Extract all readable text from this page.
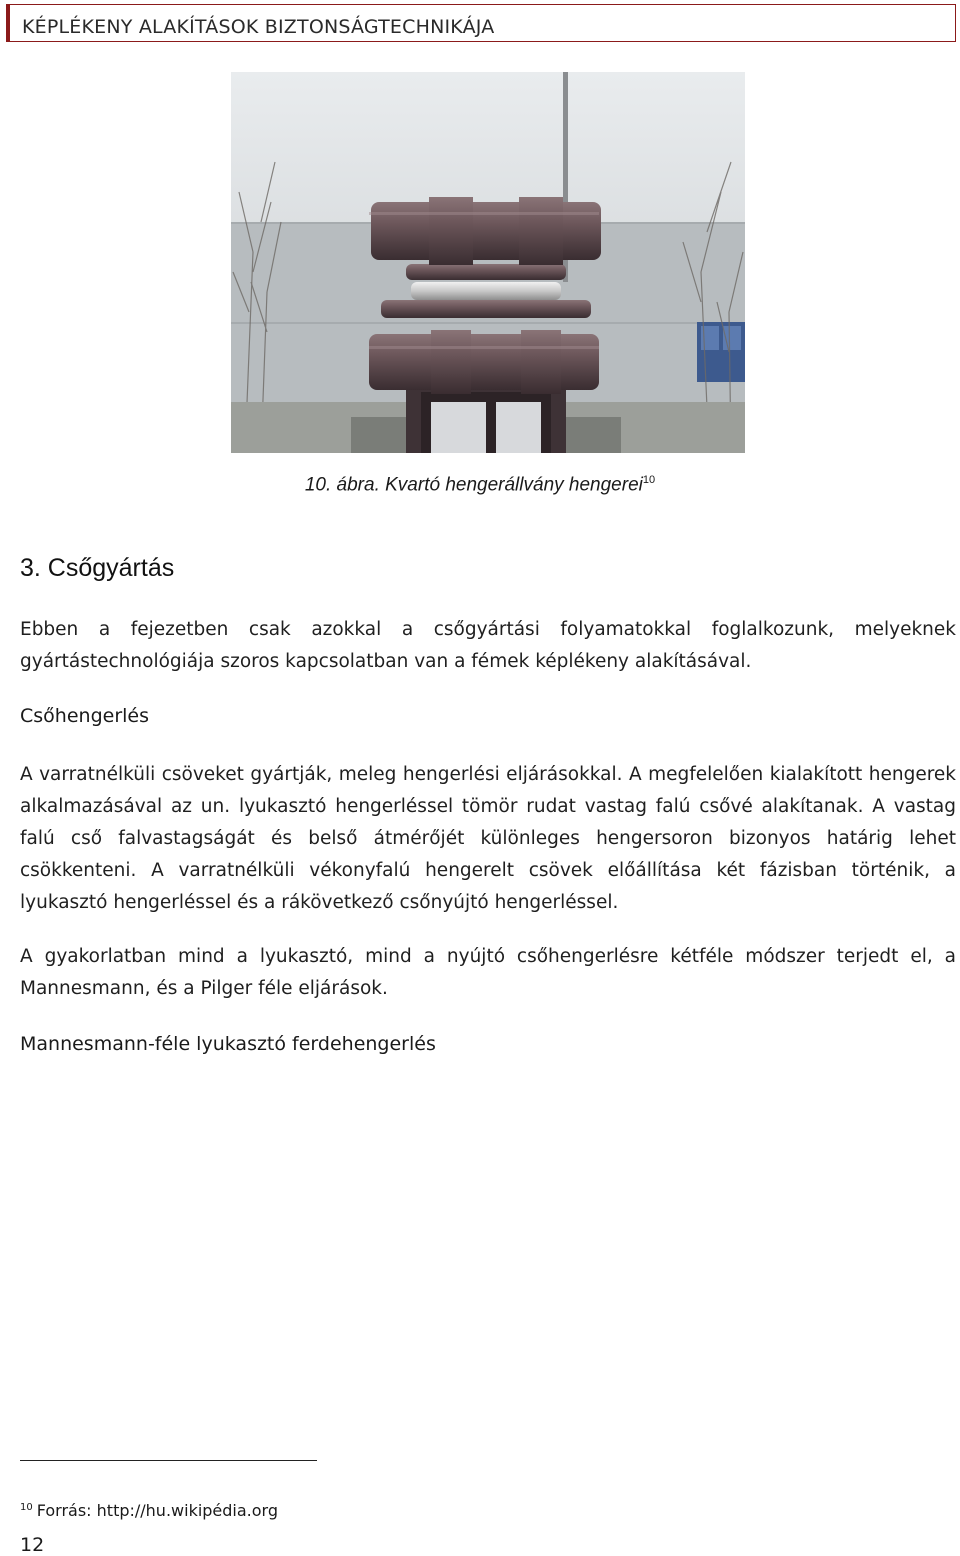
KÉPLÉKENY ALAKÍTÁSOK BIZTONSÁGTECHNIKÁJA
10. ábra. Kvartó hengerállvány hengerei$^{10}$
3. Csőgyártás
Ebben a fejezetben csak azokkal a csőgyártási folyamatokkal foglalkozunk, melyeknek gyártástechnológiája szoros kapcsolatban van a fémek képlékeny alakításával.
Csőhengerlés
A varratnélküli csöveket gyártják, meleg hengerlési eljárásokkal. A megfelelően kialakított hengerek alkalmazásával az un. lyukasztó hengerléssel tömör rudat vastag falú csővé alakítanak. A vastag falú cső falvastagságát és belső átmérőjét különleges hengersoron bizonyos határig lehet csökkenteni. A varratnélküli vékonyfalú hengerelt csövek előállítása két fázisban történik, a lyukasztó hengerléssel és a rákövetkező csőnyújtó hengerléssel.
A gyakorlatban mind a lyukasztó, mind a nyújtó csőhengerlésre kétféle módszer terjedt el, a Mannesmann, és a Pilger féle eljárások.
Mannesmann-féle lyukasztó ferdehengerlés
$^{10}$ Forrás: http://hu.wikipédia.org
12
